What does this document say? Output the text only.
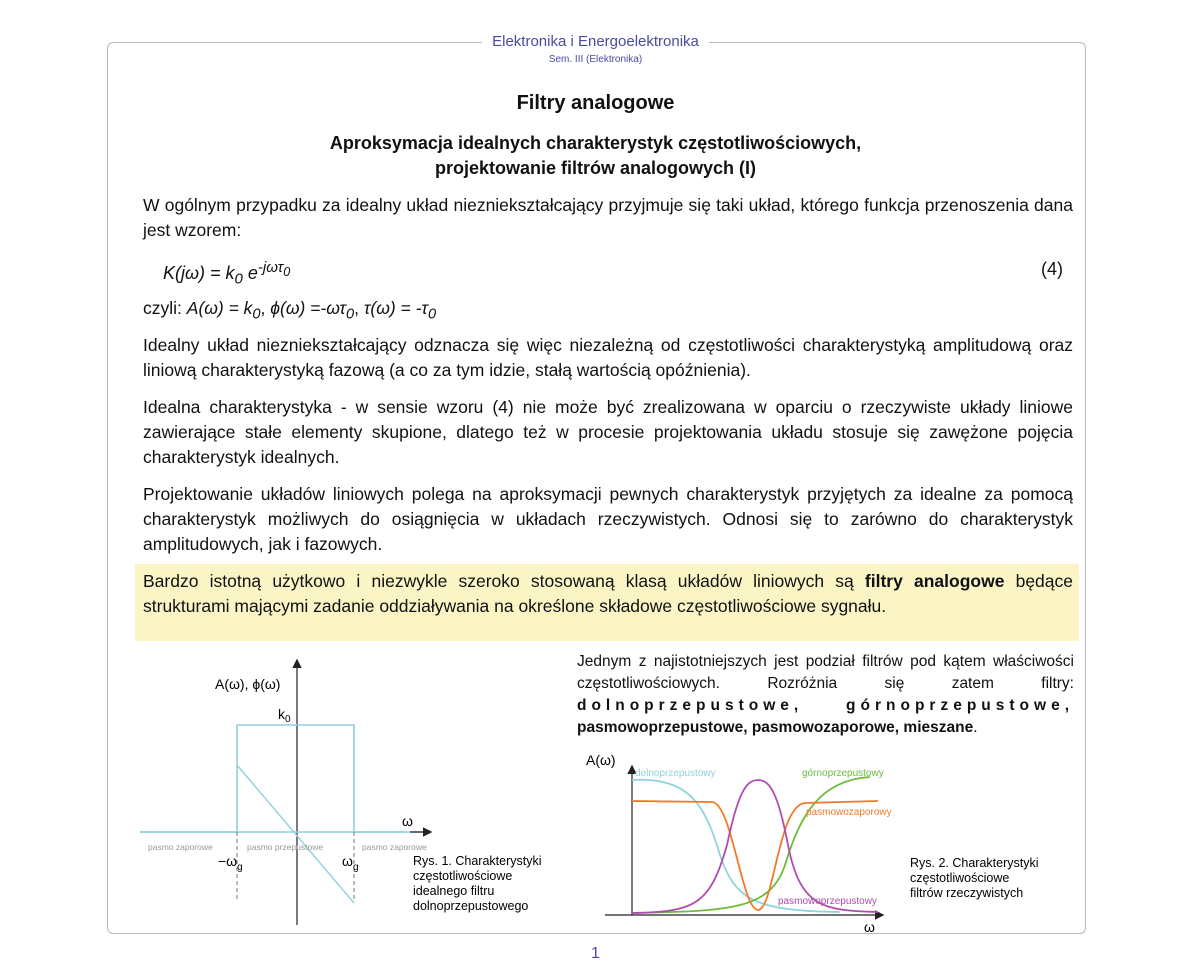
Elektronika i Energoelektronika
Sem. III (Elektronika)
Filtry analogowe
Aproksymacja idealnych charakterystyk częstotliwościowych,
projektowanie filtrów analogowych (I)
W ogólnym przypadku za idealny układ niezniekształcający przyjmuje się taki układ, którego funkcja przenoszenia dana jest wzorem:
$K(j\omega) = k_0$ $e^{-j\omega\tau_0}$	(4)
czyli: $A(\omega) = k_0$, $\phi(\omega) =-\omega\tau_0$, $\tau(\omega) = -\tau_0$
Idealny układ niezniekształcający odznacza się więc niezależną od częstotliwości charakterystyką amplitudową oraz liniową charakterystyką fazową (a co za tym idzie, stałą wartością opóźnienia).
Idealna charakterystyka - w sensie wzoru (4) nie może być zrealizowana w oparciu o rzeczywiste układy liniowe zawierające stałe elementy skupione, dlatego też w procesie projektowania układu stosuje się zawężone pojęcia charakterystyk idealnych.
Projektowanie układów liniowych polega na aproksymacji pewnych charakterystyk przyjętych za idealne za pomocą charakterystyk możliwych do osiągnięcia w układach rzeczywistych. Odnosi się to zarówno do charakterystyk amplitudowych, jak i fazowych.
Bardzo istotną użytkowo i niezwykle szeroko stosowaną klasą układów liniowych są filtry analogowe będące strukturami mającymi zadanie oddziaływania na określone składowe częstotliwościowe sygnału.
Jednym z najistotniejszych jest podział filtrów pod kątem właściwości częstotliwościowych. Rozróżnia się zatem filtry: dolnoprzepustowe, górnoprzepustowe, pasmowoprzepustowe, pasmowozaporowe, mieszane.
A(ω), ϕ(ω)
$k_0$
ω
pasmo zaporowe	pasmo przepustowe	pasmo zaporowe
$-\omega_g$	$\omega_g$	Rys. 1. Charakterystyki częstotliwościowe idealnego filtru dolnoprzepustowego
A(ω)
ω
dolnoprzepustowy	górnoprzepustowy
pasmowozaporowy
pasmowoprzepustowy
Rys. 2. Charakterystyki częstotliwościowe filtrów rzeczywistych
1
